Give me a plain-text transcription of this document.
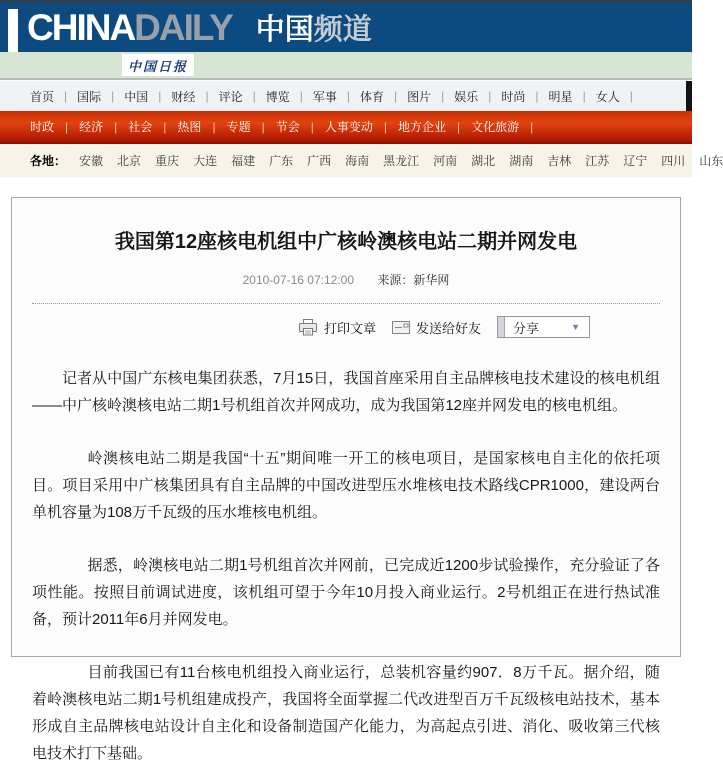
CHINADAILY 中国频道
中国日报
首页 | 国际 | 中国 | 财经 | 评论 | 博览 | 军事 | 体育 | 图片 | 娱乐 | 时尚 | 明星 | 女人 |
时政 | 经济 | 社会 | 热图 | 专题 | 节会 | 人事变动 | 地方企业 | 文化旅游 |
各地： 安徽 北京 重庆 大连 福建 广东 广西 海南 黑龙江 河南 湖北 湖南 吉林 江苏 辽宁 四川 山东
我国第12座核电机组中广核岭澳核电站二期并网发电
2010-07-16 07:12:00 来源：新华网
打印文章	发送给好友 分享	▼

记者从中国广东核电集团获悉，7月15日，我国首座采用自主品牌核电技术建设的核电机组——中广核岭澳核电站二期1号机组首次并网成功，成为我国第12座并网发电的核电机组。

岭澳核电站二期是我国“十五”期间唯一开工的核电项目，是国家核电自主化的依托项目。项目采用中广核集团具有自主品牌的中国改进型压水堆核电技术路线CPR1000，建设两台单机容量为108万千瓦级的压水堆核电机组。

据悉，岭澳核电站二期1号机组首次并网前，已完成近1200步试验操作，充分验证了各项性能。按照目前调试进度，该机组可望于今年10月投入商业运行。2号机组正在进行热试准备，预计2011年6月并网发电。

目前我国已有11台核电机组投入商业运行，总装机容量约907．8万千瓦。据介绍，随着岭澳核电站二期1号机组建成投产，我国将全面掌握二代改进型百万千瓦级核电站技术，基本形成自主品牌核电站设计自主化和设备制造国产化能力，为高起点引进、消化、吸收第三代核电技术打下基础。
